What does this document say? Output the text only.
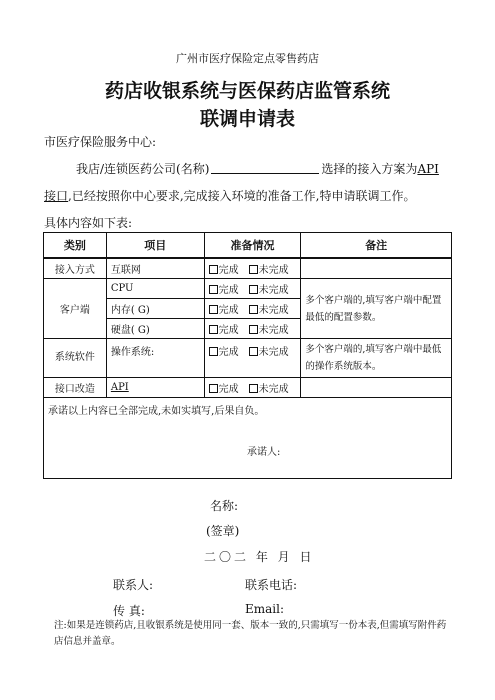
广州市医疗保险定点零售药店
药店收银系统与医保药店监管系统
联调申请表
市医疗保险服务中心:
我店/连锁医药公司(名称)	选择的接入方案为API
接口,已经按照你中心要求,完成接入环境的准备工作,特申请联调工作。
具体内容如下表:
类别	项目	准备情况	备注
接入方式	互联网	完成 未完成	
客户端	CPU	完成 未完成	多个客户端的,填写客户端中配置最低的配置参数。
	内存( G)	完成 未完成	
	硬盘( G)	完成 未完成	
系统软件	操作系统:	完成 未完成	多个客户端的,填写客户端中最低的操作系统版本。
接口改造	API	完成 未完成	
承诺以上内容已全部完成,未如实填写,后果自负。
承诺人:			
名称:
(签章)
二〇二 年 月 日
联系人:	联系电话:
传 真:	Email:
注:如果是连锁药店,且收银系统是使用同一套、版本一致的,只需填写一份本表,但需填写附件药店信息并盖章。
